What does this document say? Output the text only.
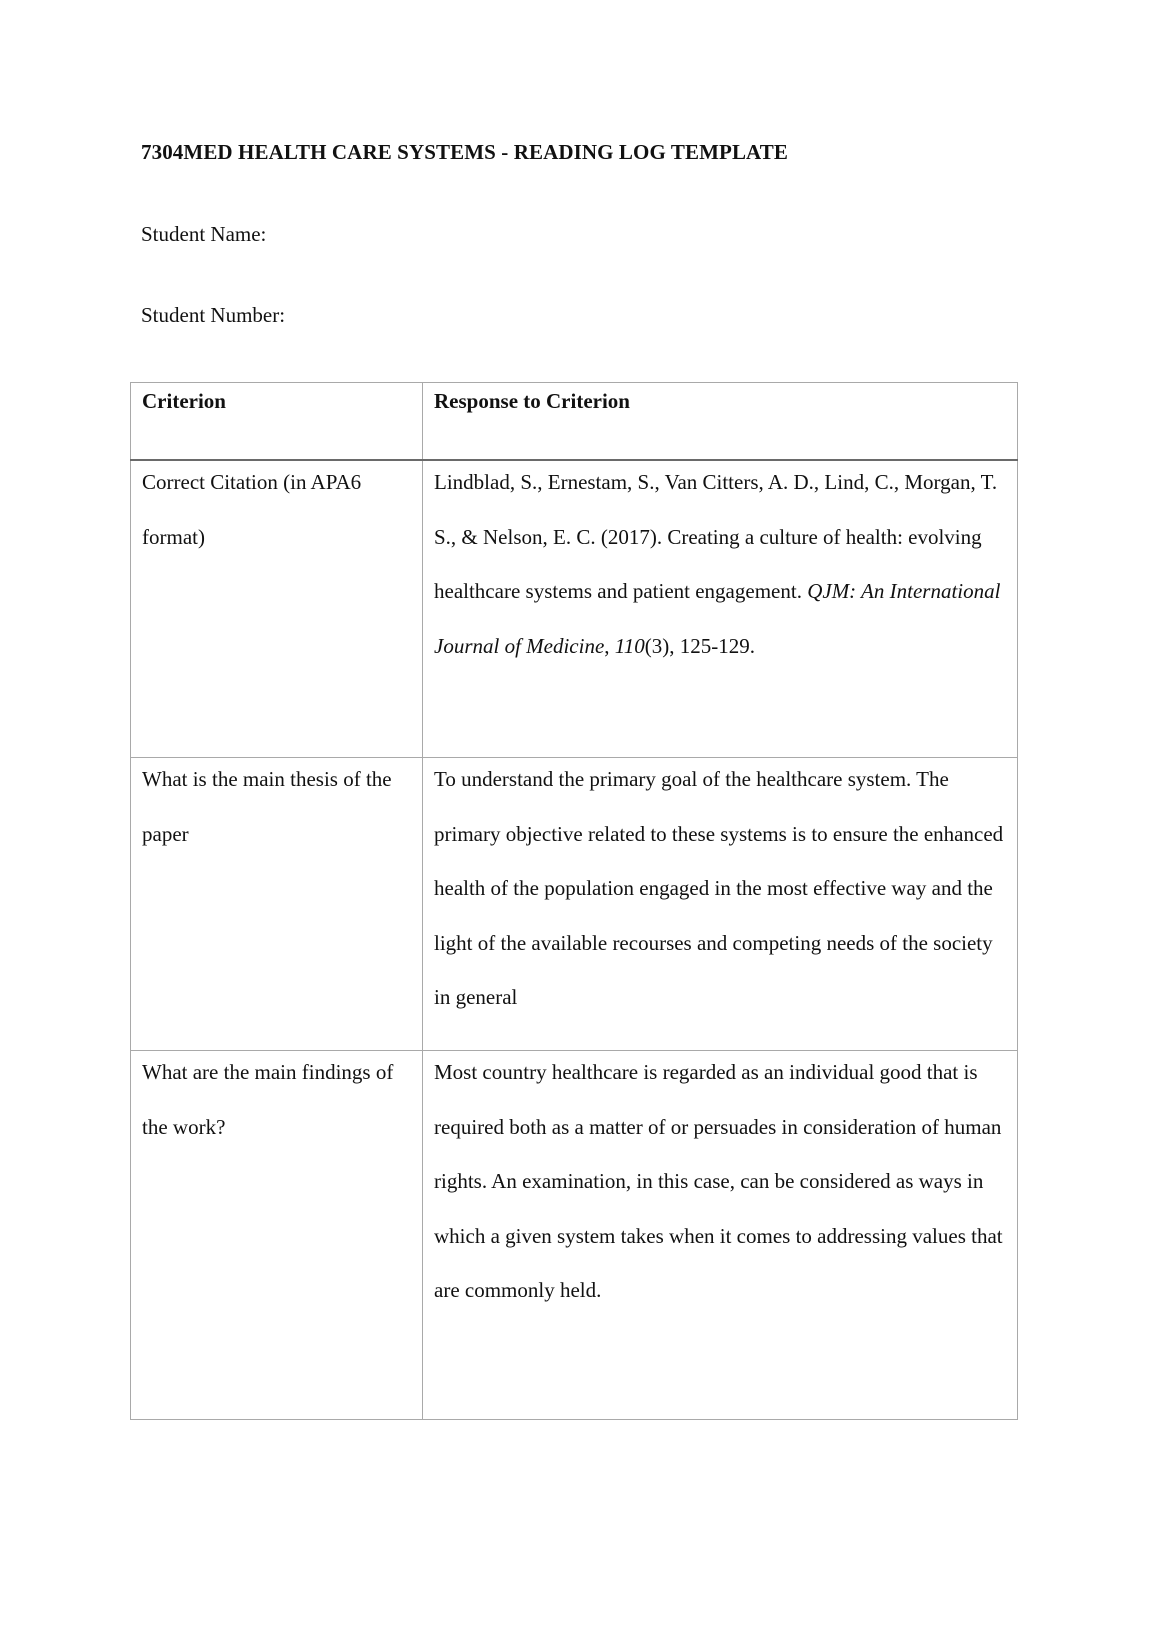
7304MED HEALTH CARE SYSTEMS - READING LOG TEMPLATE

Student Name:

Student Number:

Criterion	Response to Criterion

Correct Citation (in APA6 format)	Lindblad, S., Ernestam, S., Van Citters, A. D., Lind, C., Morgan, T. S., & Nelson, E. C. (2017). Creating a culture of health: evolving healthcare systems and patient engagement. QJM: An International Journal of Medicine, 110(3), 125-129.

What is the main thesis of the paper	To understand the primary goal of the healthcare system. The primary objective related to these systems is to ensure the enhanced health of the population engaged in the most effective way and the light of the available recourses and competing needs of the society in general

What are the main findings of the work?	Most country healthcare is regarded as an individual good that is required both as a matter of or persuades in consideration of human rights. An examination, in this case, can be considered as ways in which a given system takes when it comes to addressing values that are commonly held.
